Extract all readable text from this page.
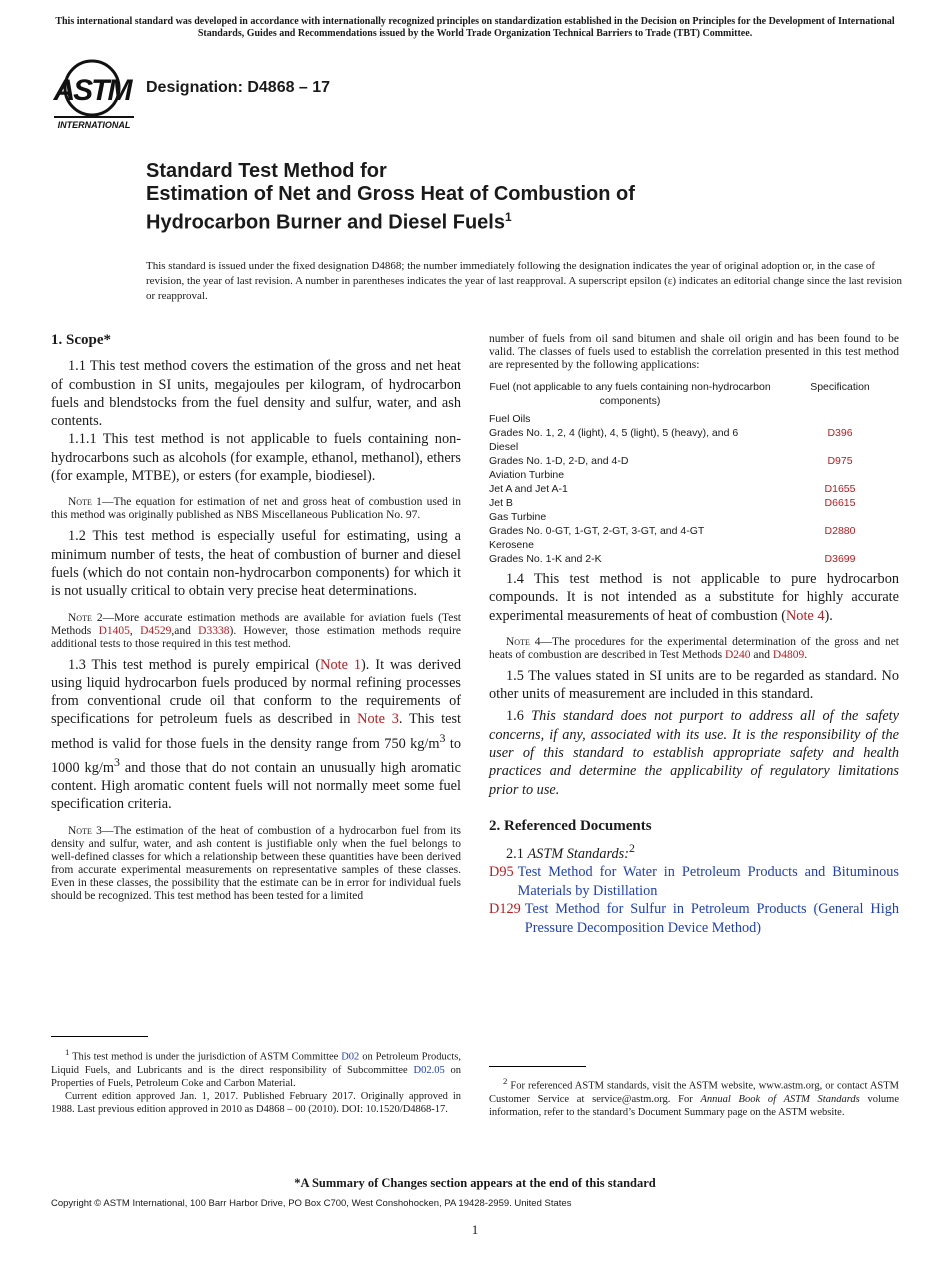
This international standard was developed in accordance with internationally recognized principles on standardization established in the Decision on Principles for the Development of International Standards, Guides and Recommendations issued by the World Trade Organization Technical Barriers to Trade (TBT) Committee.
ASTM
INTERNATIONAL
Designation: D4868 – 17
Standard Test Method for
Estimation of Net and Gross Heat of Combustion of
Hydrocarbon Burner and Diesel Fuels$^1$
This standard is issued under the fixed designation D4868; the number immediately following the designation indicates the year of original adoption or, in the case of revision, the year of last revision. A number in parentheses indicates the year of last reapproval. A superscript epsilon (ε) indicates an editorial change since the last revision or reapproval.
1. Scope*

1.1 This test method covers the estimation of the gross and net heat of combustion in SI units, megajoules per kilogram, of hydrocarbon fuels and blendstocks from the fuel density and sulfur, water, and ash contents.

1.1.1 This test method is not applicable to fuels containing non-hydrocarbons such as alcohols (for example, ethanol, methanol), ethers (for example, MTBE), or esters (for example, biodiesel).

Note 1—The equation for estimation of net and gross heat of combustion used in this method was originally published as NBS Miscellaneous Publication No. 97.

1.2 This test method is especially useful for estimating, using a minimum number of tests, the heat of combustion of burner and diesel fuels (which do not contain non-hydrocarbon components) for which it is not usually critical to obtain very precise heat determinations.

Note 2—More accurate estimation methods are available for aviation fuels (Test Methods D1405, D4529,and D3338). However, those estimation methods require additional tests to those required in this test method.

1.3 This test method is purely empirical (Note 1). It was derived using liquid hydrocarbon fuels produced by normal refining processes from conventional crude oil that conform to the requirements of specifications for petroleum fuels as described in Note 3. This test method is valid for those fuels in the density range from 750 $kg/m^3$ to 1000 $kg/m^3$ and those that do not contain an unusually high aromatic content. High aromatic content fuels will not normally meet some fuel specification criteria.

Note 3—The estimation of the heat of combustion of a hydrocarbon fuel from its density and sulfur, water, and ash content is justifiable only when the fuel belongs to well-defined classes for which a relationship between these quantities have been derived from accurate experimental measurements on representative samples of these classes. Even in these classes, the possibility that the estimate can be in error for individual fuels should be recognized. This test method has been tested for a limited

$^1$ This test method is under the jurisdiction of ASTM Committee D02 on Petroleum Products, Liquid Fuels, and Lubricants and is the direct responsibility of Subcommittee D02.05 on Properties of Fuels, Petroleum Coke and Carbon Material.
Current edition approved Jan. 1, 2017. Published February 2017. Originally approved in 1988. Last previous edition approved in 2010 as D4868 – 00 (2010). DOI: 10.1520/D4868-17.

number of fuels from oil sand bitumen and shale oil origin and has been found to be valid. The classes of fuels used to establish the correlation presented in this test method are represented by the following applications:

Fuel (not applicable to any fuels containing non-hydrocarbon components)	Specification
Fuel Oils	
Grades No. 1, 2, 4 (light), 4, 5 (light), 5 (heavy), and 6	D396
Diesel	
Grades No. 1-D, 2-D, and 4-D	D975
Aviation Turbine	
Jet A and Jet A-1	D1655
Jet B	D6615
Gas Turbine	
Grades No. 0-GT, 1-GT, 2-GT, 3-GT, and 4-GT	D2880
Kerosene	
Grades No. 1-K and 2-K	D3699

1.4 This test method is not applicable to pure hydrocarbon compounds. It is not intended as a substitute for highly accurate experimental measurements of heat of combustion (Note 4).

Note 4—The procedures for the experimental determination of the gross and net heats of combustion are described in Test Methods D240 and D4809.

1.5 The values stated in SI units are to be regarded as standard. No other units of measurement are included in this standard.

1.6 This standard does not purport to address all of the safety concerns, if any, associated with its use. It is the responsibility of the user of this standard to establish appropriate safety and health practices and determine the applicability of regulatory limitations prior to use.

2. Referenced Documents
2.1 ASTM Standards:$^2$
D95 Test Method for Water in Petroleum Products and Bituminous Materials by Distillation
D129 Test Method for Sulfur in Petroleum Products (General High Pressure Decomposition Device Method)
$^2$ For referenced ASTM standards, visit the ASTM website, www.astm.org, or contact ASTM Customer Service at service@astm.org. For Annual Book of ASTM Standards volume information, refer to the standard’s Document Summary page on the ASTM website.
*A Summary of Changes section appears at the end of this standard
Copyright © ASTM International, 100 Barr Harbor Drive, PO Box C700, West Conshohocken, PA 19428-2959. United States
1
